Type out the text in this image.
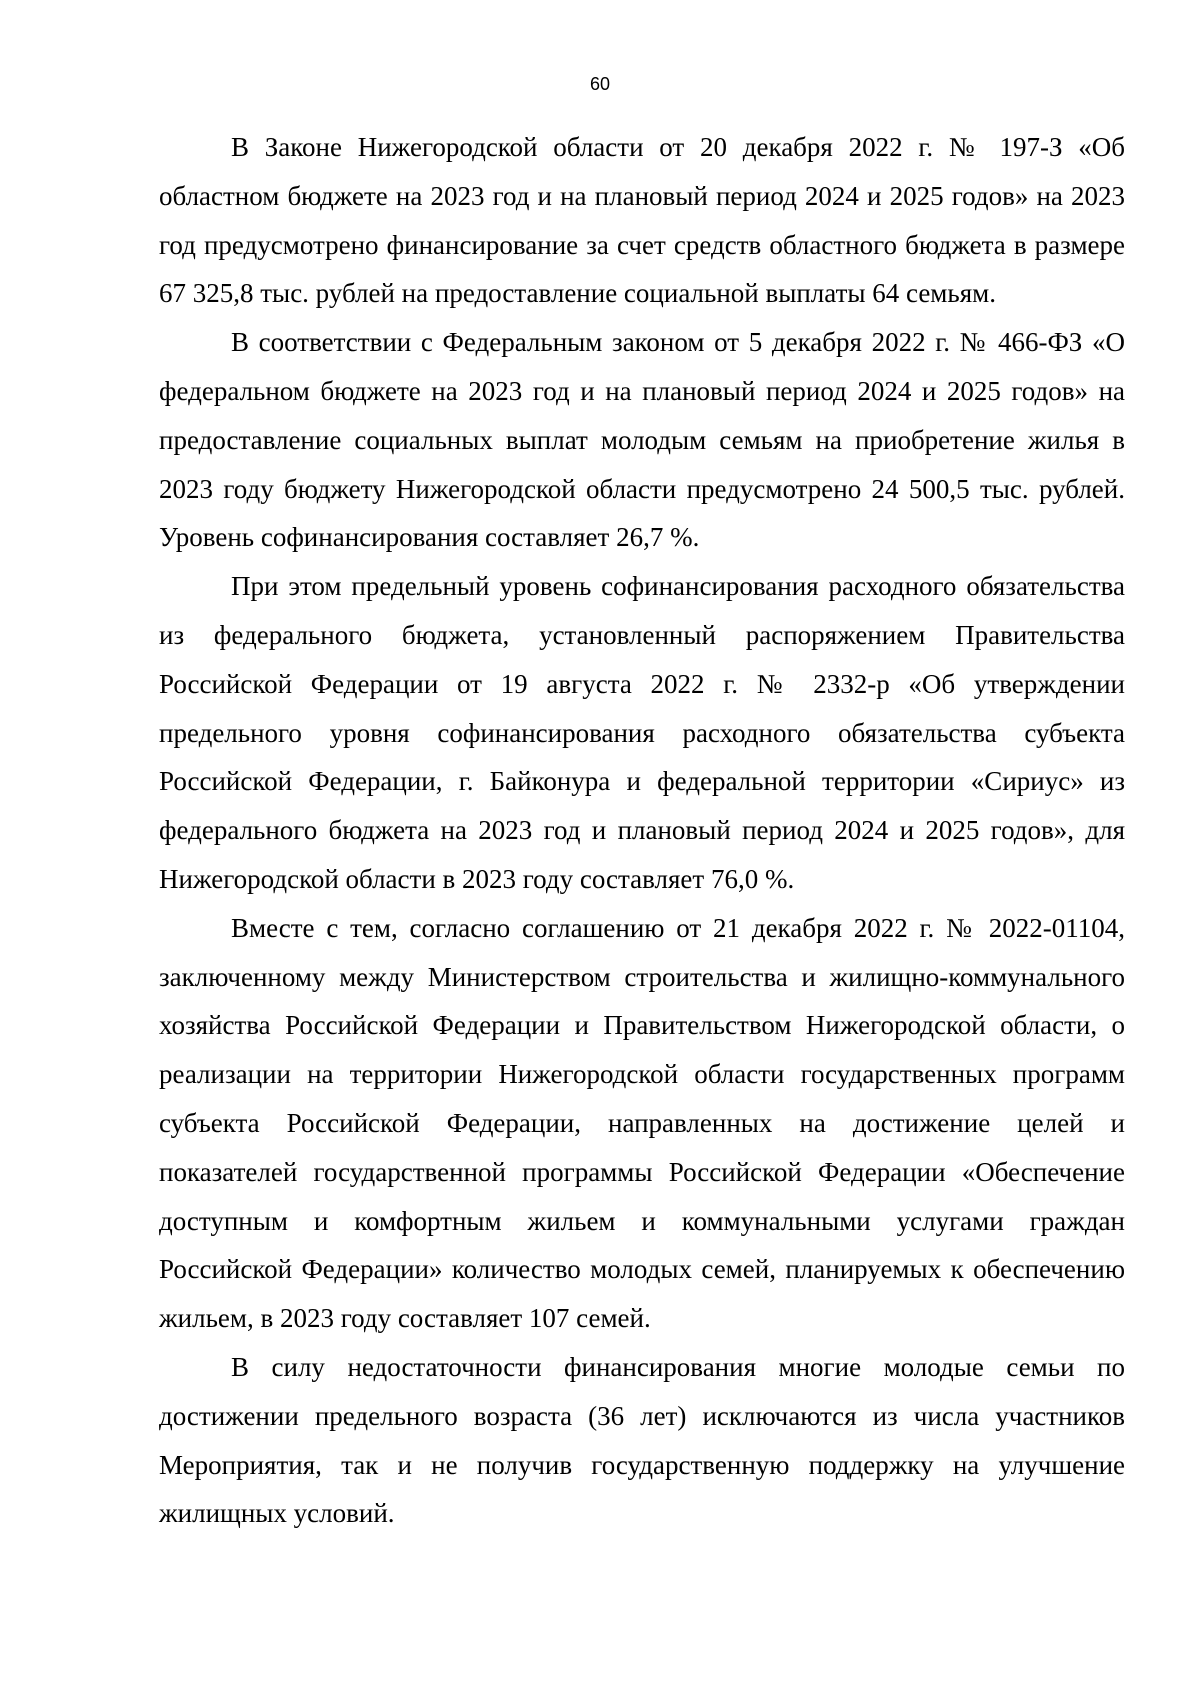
60

В Законе Нижегородской области от 20 декабря 2022 г. № 197-З «Об областном бюджете на 2023 год и на плановый период 2024 и 2025 годов» на 2023 год предусмотрено финансирование за счет средств областного бюджета в размере 67 325,8 тыс. рублей на предоставление социальной выплаты 64 семьям.

В соответствии с Федеральным законом от 5 декабря 2022 г. № 466-ФЗ «О федеральном бюджете на 2023 год и на плановый период 2024 и 2025 годов» на предоставление социальных выплат молодым семьям на приобретение жилья в 2023 году бюджету Нижегородской области предусмотрено 24 500,5 тыс. рублей. Уровень софинансирования составляет 26,7 %.

При этом предельный уровень софинансирования расходного обязательства из федерального бюджета, установленный распоряжением Правительства Российской Федерации от 19 августа 2022 г. № 2332-р «Об утверждении предельного уровня софинансирования расходного обязательства субъекта Российской Федерации, г. Байконура и федеральной территории «Сириус» из федерального бюджета на 2023 год и плановый период 2024 и 2025 годов», для Нижегородской области в 2023 году составляет 76,0 %.

Вместе с тем, согласно соглашению от 21 декабря 2022 г. № 2022-01104, заключенному между Министерством строительства и жилищно-коммунального хозяйства Российской Федерации и Правительством Нижегородской области, о реализации на территории Нижегородской области государственных программ субъекта Российской Федерации, направленных на достижение целей и показателей государственной программы Российской Федерации «Обеспечение доступным и комфортным жильем и коммунальными услугами граждан Российской Федерации» количество молодых семей, планируемых к обеспечению жильем, в 2023 году составляет 107 семей.

В силу недостаточности финансирования многие молодые семьи по достижении предельного возраста (36 лет) исключаются из числа участников Мероприятия, так и не получив государственную поддержку на улучшение жилищных условий.
